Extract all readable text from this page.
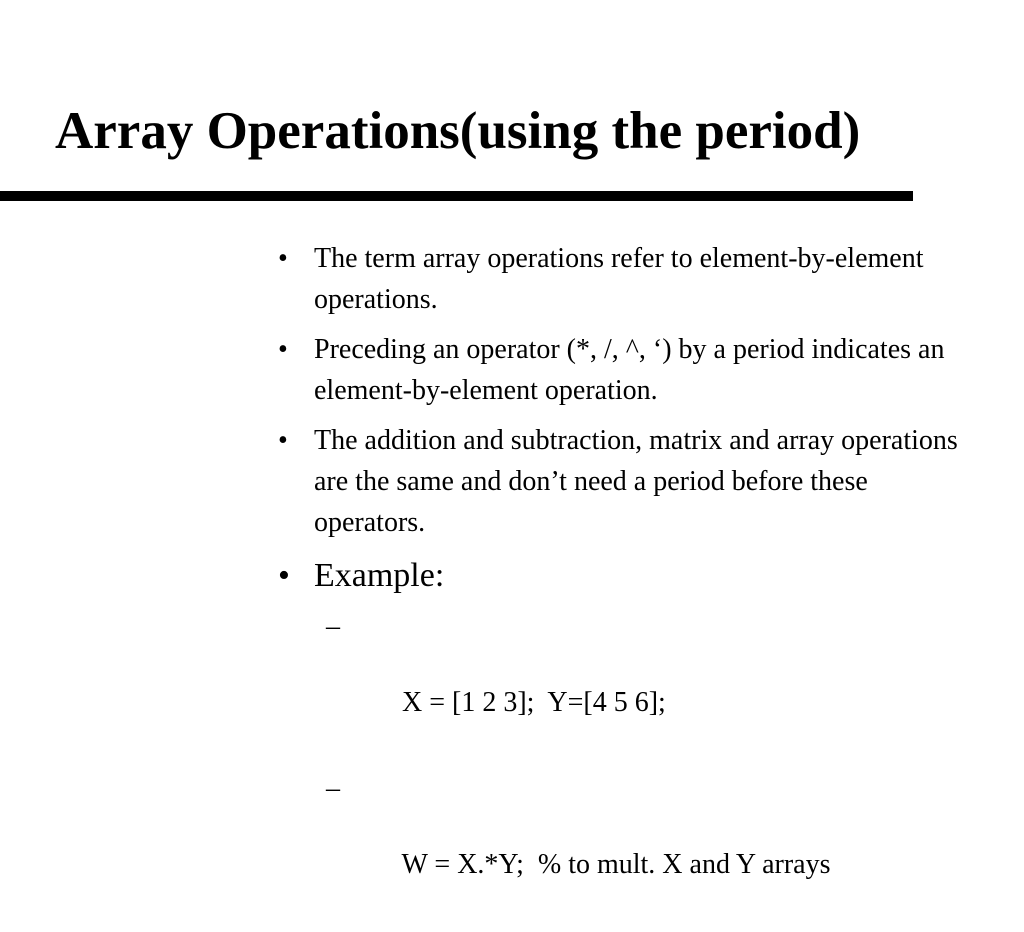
Array Operations(using the period)
• The term array operations refer to element-by-element operations.
• Preceding an operator (*, /, ^, ‘) by a period indicates an element-by-element operation.
• The addition and subtraction, matrix and array operations are the same and don’t need a period before these operators.
• Example:

–

X = [1 2 3];  Y=[4 5 6];

–

W = X.*Y;  % to mult. X and Y arrays
